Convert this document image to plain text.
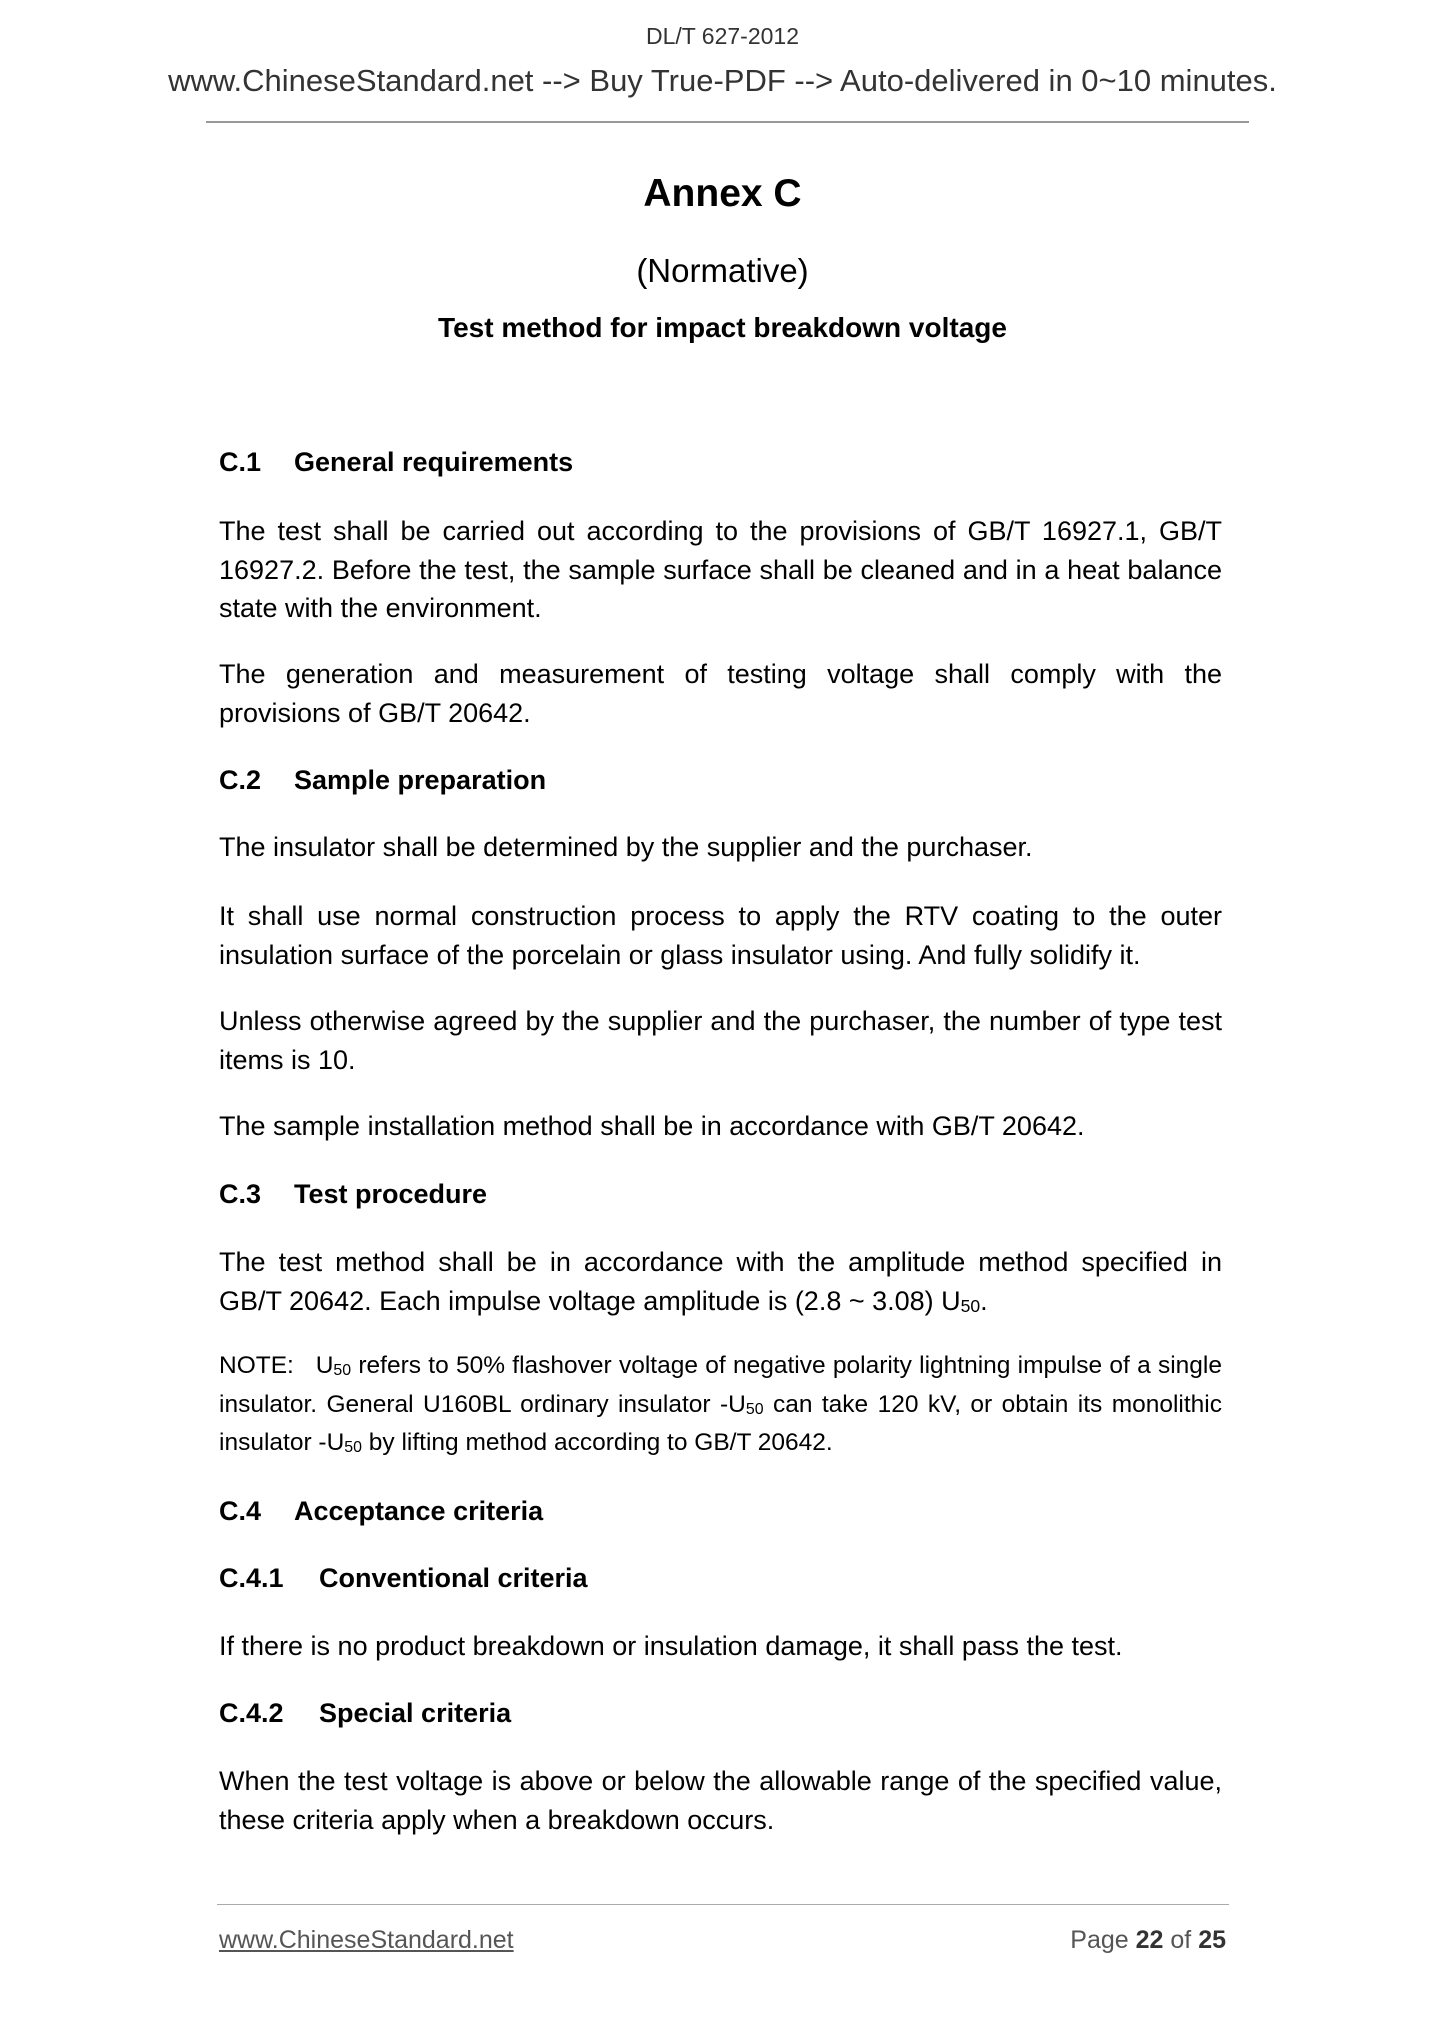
DL/T 627-2012
www.ChineseStandard.net --> Buy True-PDF --> Auto-delivered in 0~10 minutes.
Annex C
(Normative)
Test method for impact breakdown voltage
C.1 General requirements
The test shall be carried out according to the provisions of GB/T 16927.1, GB/T 16927.2. Before the test, the sample surface shall be cleaned and in a heat balance state with the environment.
The generation and measurement of testing voltage shall comply with the provisions of GB/T 20642.
C.2 Sample preparation
The insulator shall be determined by the supplier and the purchaser.
It shall use normal construction process to apply the RTV coating to the outer insulation surface of the porcelain or glass insulator using. And fully solidify it.
Unless otherwise agreed by the supplier and the purchaser, the number of type test items is 10.
The sample installation method shall be in accordance with GB/T 20642.
C.3 Test procedure
The test method shall be in accordance with the amplitude method specified in GB/T 20642. Each impulse voltage amplitude is (2.8 ~ 3.08) $U_{50}$.
NOTE: $U_{50}$ refers to 50% flashover voltage of negative polarity lightning impulse of a single insulator. General U160BL ordinary insulator $-U_{50}$ can take 120 kV, or obtain its monolithic insulator $-U_{50}$ by lifting method according to GB/T 20642.
C.4 Acceptance criteria
C.4.1 Conventional criteria
If there is no product breakdown or insulation damage, it shall pass the test.
C.4.2 Special criteria
When the test voltage is above or below the allowable range of the specified value, these criteria apply when a breakdown occurs.
www.ChineseStandard.net	Page 22 of 25
